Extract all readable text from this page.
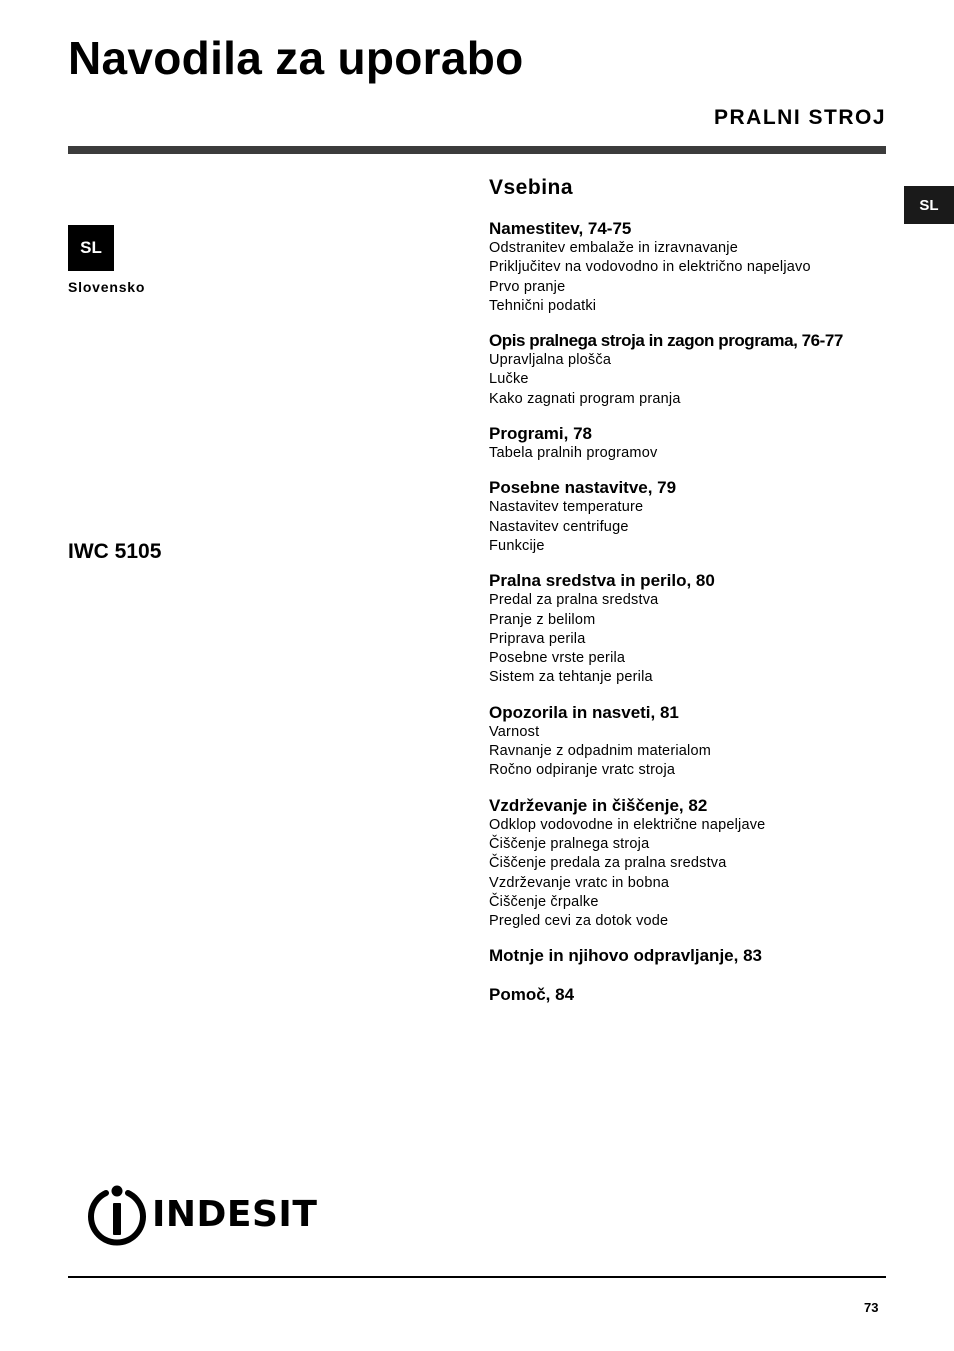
Navodila za uporabo
PRALNI STROJ
SL
Slovensko
SL
IWC 5105
Vsebina
Namestitev, 74-75
Odstranitev embalaže in izravnavanje
Priključitev na vodovodno in električno napeljavo
Prvo pranje
Tehnični podatki
Opis pralnega stroja in zagon programa, 76-77
Upravljalna plošča
Lučke
Kako zagnati program pranja
Programi, 78
Tabela pralnih programov
Posebne nastavitve, 79
Nastavitev temperature
Nastavitev centrifuge
Funkcije
Pralna sredstva in perilo, 80
Predal za pralna sredstva
Pranje z belilom
Priprava perila
Posebne vrste perila
Sistem za tehtanje perila
Opozorila in nasveti, 81
Varnost
Ravnanje z odpadnim materialom
Ročno odpiranje vratc stroja
Vzdrževanje in čiščenje, 82
Odklop vodovodne in električne napeljave
Čiščenje pralnega stroja
Čiščenje predala za pralna sredstva
Vzdrževanje vratc in bobna
Čiščenje črpalke
Pregled cevi za dotok vode
Motnje in njihovo odpravljanje, 83
Pomoč, 84
INDESIT
73
